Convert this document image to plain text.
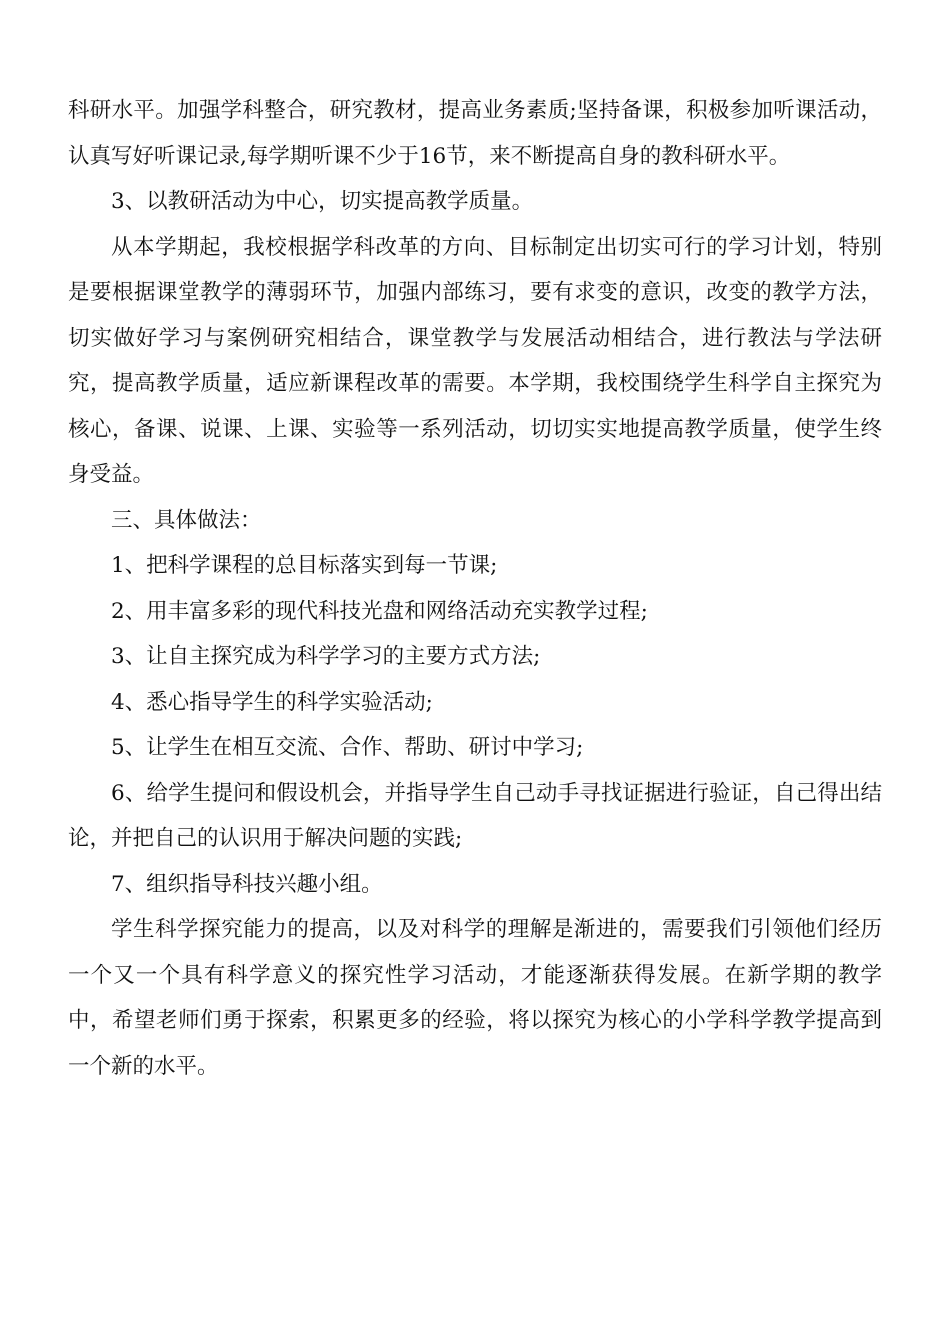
科研水平。加强学科整合，研究教材，提高业务素质;坚持备课，积极参加听课活动，认真写好听课记录,每学期听课不少于16节，来不断提高自身的教科研水平。

3、以教研活动为中心，切实提高教学质量。

从本学期起，我校根据学科改革的方向、目标制定出切实可行的学习计划，特别是要根据课堂教学的薄弱环节，加强内部练习，要有求变的意识，改变的教学方法，切实做好学习与案例研究相结合，课堂教学与发展活动相结合，进行教法与学法研究，提高教学质量，适应新课程改革的需要。本学期，我校围绕学生科学自主探究为核心，备课、说课、上课、实验等一系列活动，切切实实地提高教学质量，使学生终身受益。

三、具体做法：

1、把科学课程的总目标落实到每一节课;

2、用丰富多彩的现代科技光盘和网络活动充实教学过程;

3、让自主探究成为科学学习的主要方式方法;

4、悉心指导学生的科学实验活动;

5、让学生在相互交流、合作、帮助、研讨中学习;

6、给学生提问和假设机会，并指导学生自己动手寻找证据进行验证，自己得出结论，并把自己的认识用于解决问题的实践;

7、组织指导科技兴趣小组。

学生科学探究能力的提高，以及对科学的理解是渐进的，需要我们引领他们经历一个又一个具有科学意义的探究性学习活动，才能逐渐获得发展。在新学期的教学中，希望老师们勇于探索，积累更多的经验，将以探究为核心的小学科学教学提高到一个新的水平。
